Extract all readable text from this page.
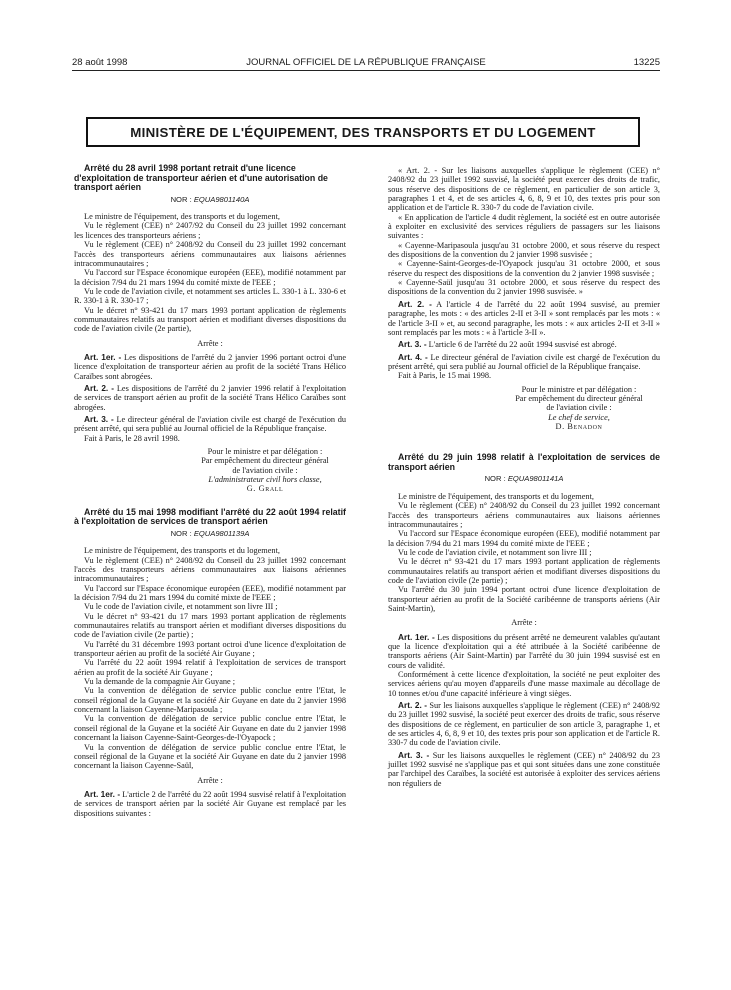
28 août 1998	JOURNAL OFFICIEL DE LA RÉPUBLIQUE FRANÇAISE	13225
MINISTÈRE DE L'ÉQUIPEMENT, DES TRANSPORTS ET DU LOGEMENT

Arrêté du 28 avril 1998 portant retrait d'une licence d'exploitation de transporteur aérien et d'une autorisation de transport aérien

NOR : EQUA9801140A

Le ministre de l'équipement, des transports et du logement,

Vu le règlement (CEE) n° 2407/92 du Conseil du 23 juillet 1992 concernant les licences des transporteurs aériens ;

Vu le règlement (CEE) n° 2408/92 du Conseil du 23 juillet 1992 concernant l'accès des transporteurs aériens communautaires aux liaisons aériennes intracommunautaires ;

Vu l'accord sur l'Espace économique européen (EEE), modifié notamment par la décision 7/94 du 21 mars 1994 du comité mixte de l'EEE ;

Vu le code de l'aviation civile, et notamment ses articles L. 330-1 à L. 330-6 et R. 330-1 à R. 330-17 ;

Vu le décret n° 93-421 du 17 mars 1993 portant application de règlements communautaires relatifs au transport aérien et modifiant diverses dispositions du code de l'aviation civile (2e partie),

Arrête :

Art. 1er. - Les dispositions de l'arrêté du 2 janvier 1996 portant octroi d'une licence d'exploitation de transporteur aérien au profit de la société Trans Hélico Caraïbes sont abrogées.

Art. 2. - Les dispositions de l'arrêté du 2 janvier 1996 relatif à l'exploitation de services de transport aérien au profit de la société Trans Hélico Caraïbes sont abrogées.

Art. 3. - Le directeur général de l'aviation civile est chargé de l'exécution du présent arrêté, qui sera publié au Journal officiel de la République française.

Fait à Paris, le 28 avril 1998.

Pour le ministre et par délégation :
Par empêchement du directeur général
de l'aviation civile :
L'administrateur civil hors classe,
G. Grall

Arrêté du 15 mai 1998 modifiant l'arrêté du 22 août 1994 relatif à l'exploitation de services de transport aérien

NOR : EQUA9801139A

Le ministre de l'équipement, des transports et du logement,

Vu le règlement (CEE) n° 2408/92 du Conseil du 23 juillet 1992 concernant l'accès des transporteurs aériens communautaires aux liaisons aériennes intracommunautaires ;

Vu l'accord sur l'Espace économique européen (EEE), modifié notamment par la décision 7/94 du 21 mars 1994 du comité mixte de l'EEE ;

Vu le code de l'aviation civile, et notamment son livre III ;

Vu le décret n° 93-421 du 17 mars 1993 portant application de règlements communautaires relatifs au transport aérien et modifiant diverses dispositions du code de l'aviation civile (2e partie) ;

Vu l'arrêté du 31 décembre 1993 portant octroi d'une licence d'exploitation de transporteur aérien au profit de la société Air Guyane ;

Vu l'arrêté du 22 août 1994 relatif à l'exploitation de services de transport aérien au profit de la société Air Guyane ;

Vu la demande de la compagnie Air Guyane ;

Vu la convention de délégation de service public conclue entre l'Etat, le conseil régional de la Guyane et la société Air Guyane en date du 2 janvier 1998 concernant la liaison Cayenne-Maripasoula ;

Vu la convention de délégation de service public conclue entre l'Etat, le conseil régional de la Guyane et la société Air Guyane en date du 2 janvier 1998 concernant la liaison Cayenne-Saint-Georges-de-l'Oyapock ;

Vu la convention de délégation de service public conclue entre l'Etat, le conseil régional de la Guyane et la société Air Guyane en date du 2 janvier 1998 concernant la liaison Cayenne-Saül,

Arrête :

Art. 1er. - L'article 2 de l'arrêté du 22 août 1994 susvisé relatif à l'exploitation de services de transport aérien par la société Air Guyane est remplacé par les dispositions suivantes :

« Art. 2. - Sur les liaisons auxquelles s'applique le règlement (CEE) n° 2408/92 du 23 juillet 1992 susvisé, la société peut exercer des droits de trafic, sous réserve des dispositions de ce règlement, en particulier de son article 3, paragraphes 1 et 4, et de ses articles 4, 6, 8, 9 et 10, des textes pris pour son application et de l'article R. 330-7 du code de l'aviation civile.

« En application de l'article 4 dudit règlement, la société est en outre autorisée à exploiter en exclusivité des services réguliers de passagers sur les liaisons suivantes :

« Cayenne-Maripasoula jusqu'au 31 octobre 2000, et sous réserve du respect des dispositions de la convention du 2 janvier 1998 susvisée ;

« Cayenne-Saint-Georges-de-l'Oyapock jusqu'au 31 octobre 2000, et sous réserve du respect des dispositions de la convention du 2 janvier 1998 susvisée ;

« Cayenne-Saül jusqu'au 31 octobre 2000, et sous réserve du respect des dispositions de la convention du 2 janvier 1998 susvisée. »

Art. 2. - A l'article 4 de l'arrêté du 22 août 1994 susvisé, au premier paragraphe, les mots : « des articles 2-II et 3-II » sont remplacés par les mots : « de l'article 3-II » et, au second paragraphe, les mots : « aux articles 2-II et 3-II » sont remplacés par les mots : « à l'article 3-II ».

Art. 3. - L'article 6 de l'arrêté du 22 août 1994 susvisé est abrogé.

Art. 4. - Le directeur général de l'aviation civile est chargé de l'exécution du présent arrêté, qui sera publié au Journal officiel de la République française.

Fait à Paris, le 15 mai 1998.

Pour le ministre et par délégation :
Par empêchement du directeur général
de l'aviation civile :
Le chef de service,
D. Benadon

Arrêté du 29 juin 1998 relatif à l'exploitation de services de transport aérien

NOR : EQUA9801141A

Le ministre de l'équipement, des transports et du logement,

Vu le règlement (CEE) n° 2408/92 du Conseil du 23 juillet 1992 concernant l'accès des transporteurs aériens communautaires aux liaisons aériennes intracommunautaires ;

Vu l'accord sur l'Espace économique européen (EEE), modifié notamment par la décision 7/94 du 21 mars 1994 du comité mixte de l'EEE ;

Vu le code de l'aviation civile, et notamment son livre III ;

Vu le décret n° 93-421 du 17 mars 1993 portant application de règlements communautaires relatifs au transport aérien et modifiant diverses dispositions du code de l'aviation civile (2e partie) ;

Vu l'arrêté du 30 juin 1994 portant octroi d'une licence d'exploitation de transporteur aérien au profit de la Société caribéenne de transports aériens (Air Saint-Martin),

Arrête :

Art. 1er. - Les dispositions du présent arrêté ne demeurent valables qu'autant que la licence d'exploitation qui a été attribuée à la Société caribéenne de transports aériens (Air Saint-Martin) par l'arrêté du 30 juin 1994 susvisé est en cours de validité.

Conformément à cette licence d'exploitation, la société ne peut exploiter des services aériens qu'au moyen d'appareils d'une masse maximale au décollage de 10 tonnes et/ou d'une capacité inférieure à vingt sièges.

Art. 2. - Sur les liaisons auxquelles s'applique le règlement (CEE) n° 2408/92 du 23 juillet 1992 susvisé, la société peut exercer des droits de trafic, sous réserve des dispositions de ce règlement, en particulier de son article 3, paragraphe 1, et de ses articles 4, 6, 8, 9 et 10, des textes pris pour son application et de l'article R. 330-7 du code de l'aviation civile.

Art. 3. - Sur les liaisons auxquelles le règlement (CEE) n° 2408/92 du 23 juillet 1992 susvisé ne s'applique pas et qui sont situées dans une zone constituée par l'archipel des Caraïbes, la société est autorisée à exploiter des services aériens non réguliers de
